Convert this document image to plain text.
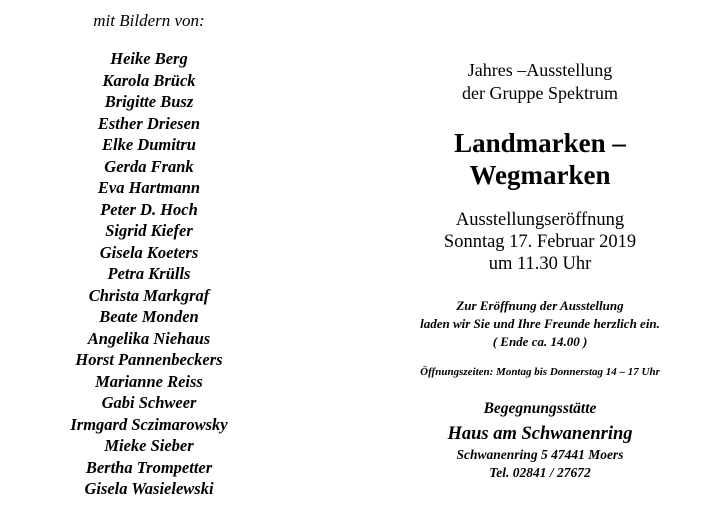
mit Bildern von:
Heike Berg
Karola Brück
Brigitte Busz
Esther Driesen
Elke Dumitru
Gerda Frank
Eva Hartmann
Peter D. Hoch
Sigrid Kiefer
Gisela Koeters
Petra Krülls
Christa Markgraf
Beate Monden
Angelika Niehaus
Horst Pannenbeckers
Marianne Reiss
Gabi Schweer
Irmgard Sczimarowsky
Mieke Sieber
Bertha Trompetter
Gisela Wasielewski
Jahres –Ausstellung
der Gruppe Spektrum
Landmarken –
Wegmarken
Ausstellungseröffnung
Sonntag 17. Februar 2019
um 11.30 Uhr
Zur Eröffnung der Ausstellung
laden wir Sie und Ihre Freunde herzlich ein.
( Ende ca. 14.00 )
Öffnungszeiten: Montag bis Donnerstag 14 – 17 Uhr
Begegnungsstätte
Haus am Schwanenring
Schwanenring 5 47441 Moers
Tel. 02841 / 27672
